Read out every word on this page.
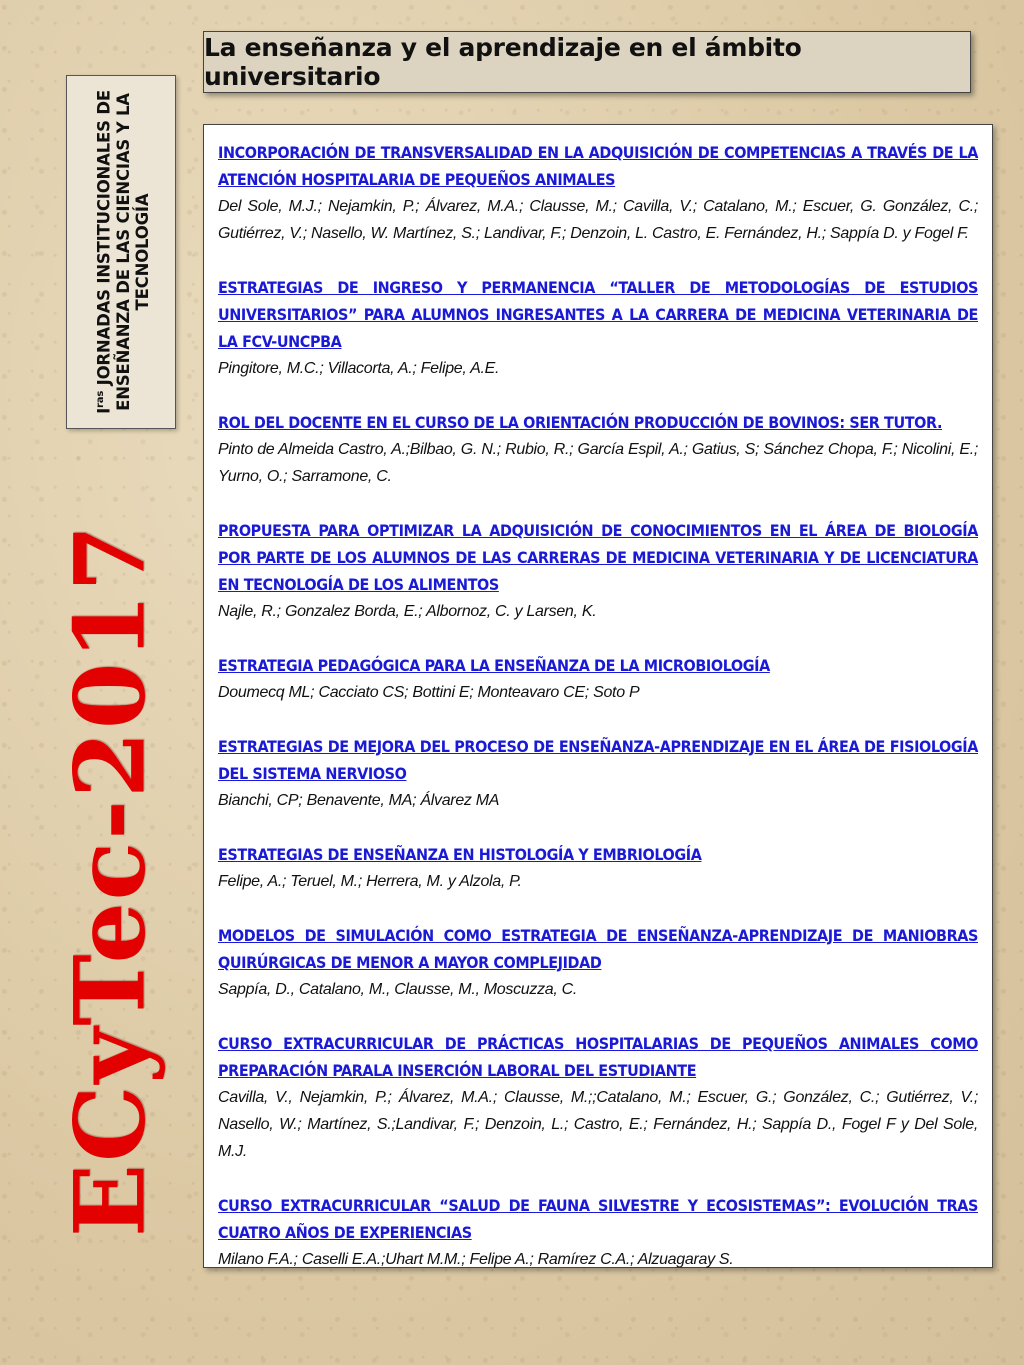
$I^{ras}$ JORNADAS INSTITUCIONALES DE ENSEÑANZA DE LAS CIENCIAS Y LA TECNOLOGÍA
ECyTec-2017
La enseñanza y el aprendizaje en el ámbito universitario
INCORPORACIÓN DE TRANSVERSALIDAD EN LA ADQUISICIÓN DE COMPETENCIAS A TRAVÉS DE LA ATENCIÓN HOSPITALARIA DE PEQUEÑOS ANIMALES
Del Sole, M.J.; Nejamkin, P.; Álvarez, M.A.; Clausse, M.; Cavilla, V.; Catalano, M.; Escuer, G. González, C.; Gutiérrez, V.; Nasello, W. Martínez, S.; Landivar, F.; Denzoin, L. Castro, E. Fernández, H.; Sappía D. y Fogel F.
ESTRATEGIAS DE INGRESO Y PERMANENCIA “TALLER DE METODOLOGÍAS DE ESTUDIOS UNIVERSITARIOS” PARA ALUMNOS INGRESANTES A LA CARRERA DE MEDICINA VETERINARIA DE LA FCV-UNCPBA
Pingitore, M.C.; Villacorta, A.; Felipe, A.E.
ROL DEL DOCENTE EN EL CURSO DE LA ORIENTACIÓN PRODUCCIÓN DE BOVINOS: SER TUTOR.
Pinto de Almeida Castro, A.;Bilbao, G. N.; Rubio, R.; García Espil, A.; Gatius, S; Sánchez Chopa, F.; Nicolini, E.; Yurno, O.; Sarramone, C.
PROPUESTA PARA OPTIMIZAR LA ADQUISICIÓN DE CONOCIMIENTOS EN EL ÁREA DE BIOLOGÍA POR PARTE DE LOS ALUMNOS DE LAS CARRERAS DE MEDICINA VETERINARIA Y DE LICENCIATURA EN TECNOLOGÍA DE LOS ALIMENTOS
Najle, R.; Gonzalez Borda, E.; Albornoz, C. y Larsen, K.
ESTRATEGIA PEDAGÓGICA PARA LA ENSEÑANZA DE LA MICROBIOLOGÍA
Doumecq ML; Cacciato CS; Bottini E; Monteavaro CE; Soto P
ESTRATEGIAS DE MEJORA DEL PROCESO DE ENSEÑANZA-APRENDIZAJE EN EL ÁREA DE FISIOLOGÍA DEL SISTEMA NERVIOSO
Bianchi, CP; Benavente, MA; Álvarez MA
ESTRATEGIAS DE ENSEÑANZA EN HISTOLOGÍA Y EMBRIOLOGÍA
Felipe, A.; Teruel, M.; Herrera, M. y Alzola, P.
MODELOS DE SIMULACIÓN COMO ESTRATEGIA DE ENSEÑANZA-APRENDIZAJE DE MANIOBRAS QUIRÚRGICAS DE MENOR A MAYOR COMPLEJIDAD
Sappía, D., Catalano, M., Clausse, M., Moscuzza, C.
CURSO EXTRACURRICULAR DE PRÁCTICAS HOSPITALARIAS DE PEQUEÑOS ANIMALES COMO PREPARACIÓN PARALA INSERCIÓN LABORAL DEL ESTUDIANTE
Cavilla, V., Nejamkin, P.; Álvarez, M.A.; Clausse, M.;;Catalano, M.; Escuer, G.; González, C.; Gutiérrez, V.; Nasello, W.; Martínez, S.;Landivar, F.; Denzoin, L.; Castro, E.; Fernández, H.; Sappía D., Fogel F y Del Sole, M.J.
CURSO EXTRACURRICULAR “SALUD DE FAUNA SILVESTRE Y ECOSISTEMAS”: EVOLUCIÓN TRAS CUATRO AÑOS DE EXPERIENCIAS
Milano F.A.; Caselli E.A.;Uhart M.M.; Felipe A.; Ramírez C.A.; Alzuagaray S.
